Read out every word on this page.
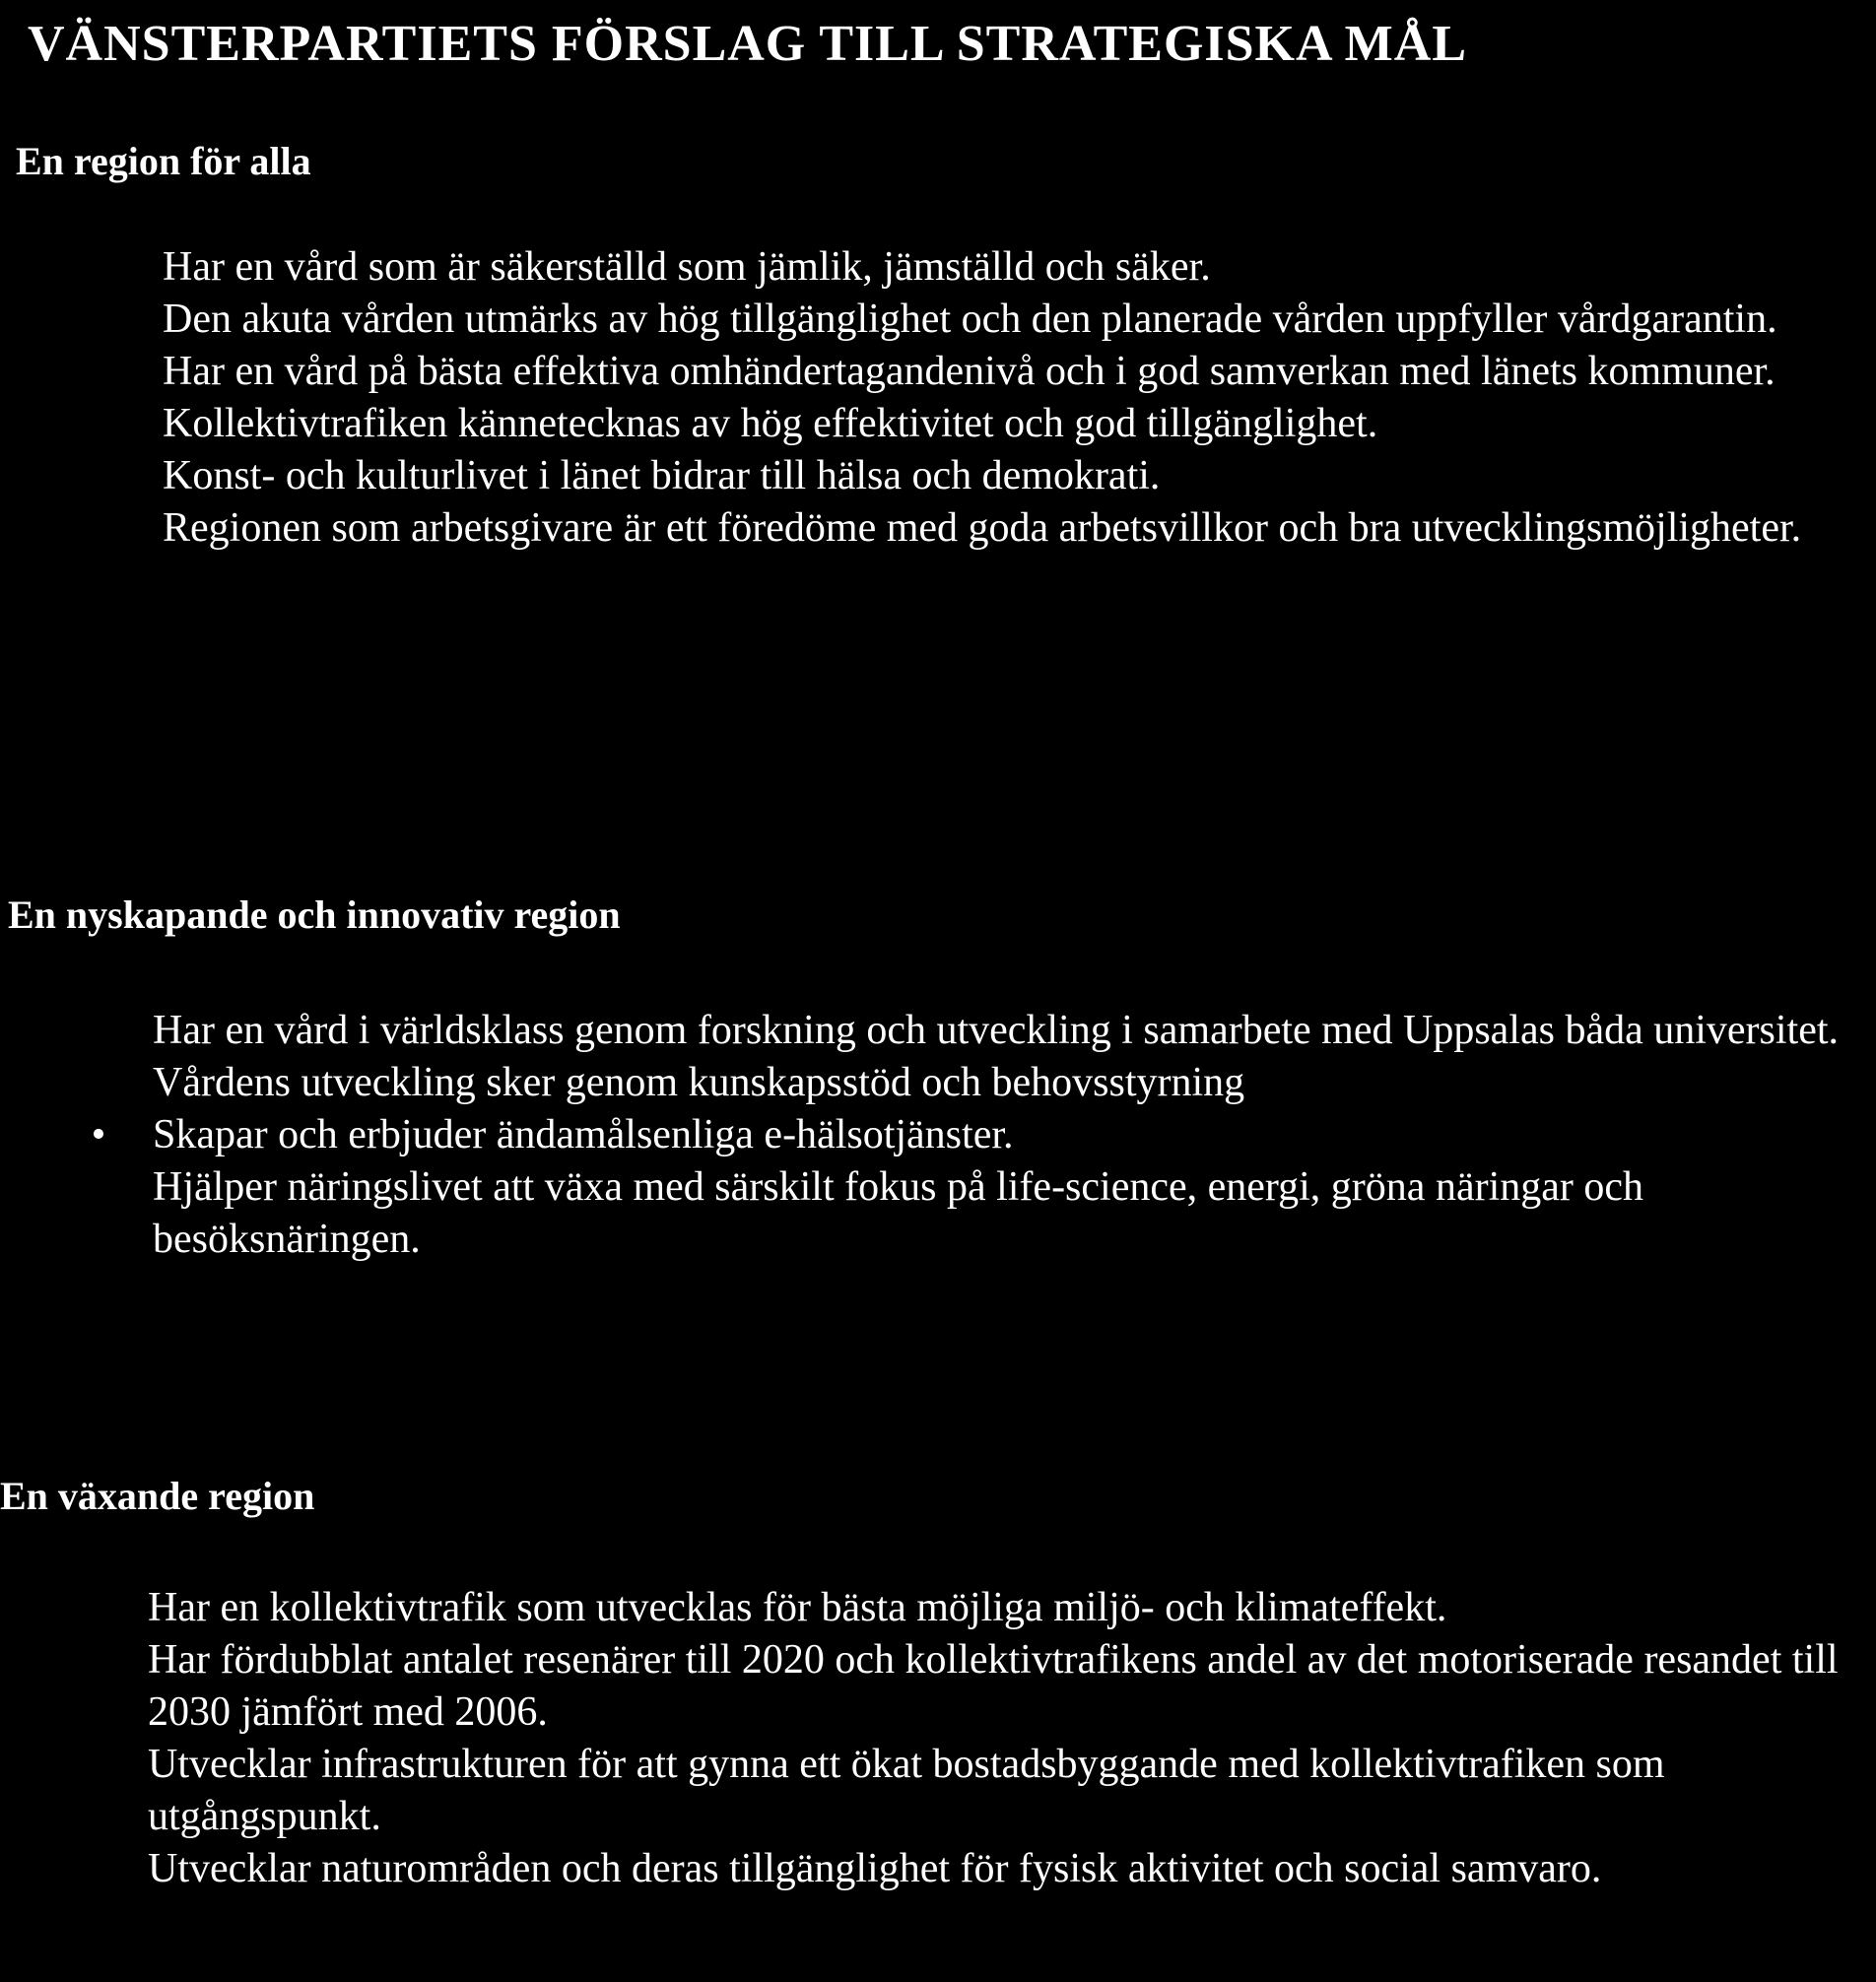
VÄNSTERPARTIETS FÖRSLAG TILL STRATEGISKA MÅL
En region för alla
Har en vård som är säkerställd som jämlik, jämställd och säker.
Den akuta vården utmärks av hög tillgänglighet och den planerade vården uppfyller vårdgarantin.
Har en vård på bästa effektiva omhändertagandenivå och i god samverkan med länets kommuner.
Kollektivtrafiken kännetecknas av hög effektivitet och god tillgänglighet.
Konst- och kulturlivet i länet bidrar till hälsa och demokrati.
Regionen som arbetsgivare är ett föredöme med goda arbetsvillkor och bra utvecklingsmöjligheter.
En nyskapande och innovativ region
Har en vård i världsklass genom forskning och utveckling i samarbete med Uppsalas båda universitet.
Vårdens utveckling sker genom kunskapsstöd och behovsstyrning
• Skapar och erbjuder ändamålsenliga e-hälsotjänster.
Hjälper näringslivet att växa med särskilt fokus på life-science, energi, gröna näringar och besöksnäringen.
En växande region
Har en kollektivtrafik som utvecklas för bästa möjliga miljö- och klimateffekt.
Har fördubblat antalet resenärer till 2020 och kollektivtrafikens andel av det motoriserade resandet till 2030 jämfört med 2006.
Utvecklar infrastrukturen för att gynna ett ökat bostadsbyggande med kollektivtrafiken som utgångspunkt.
Utvecklar naturområden och deras tillgänglighet för fysisk aktivitet och social samvaro.
